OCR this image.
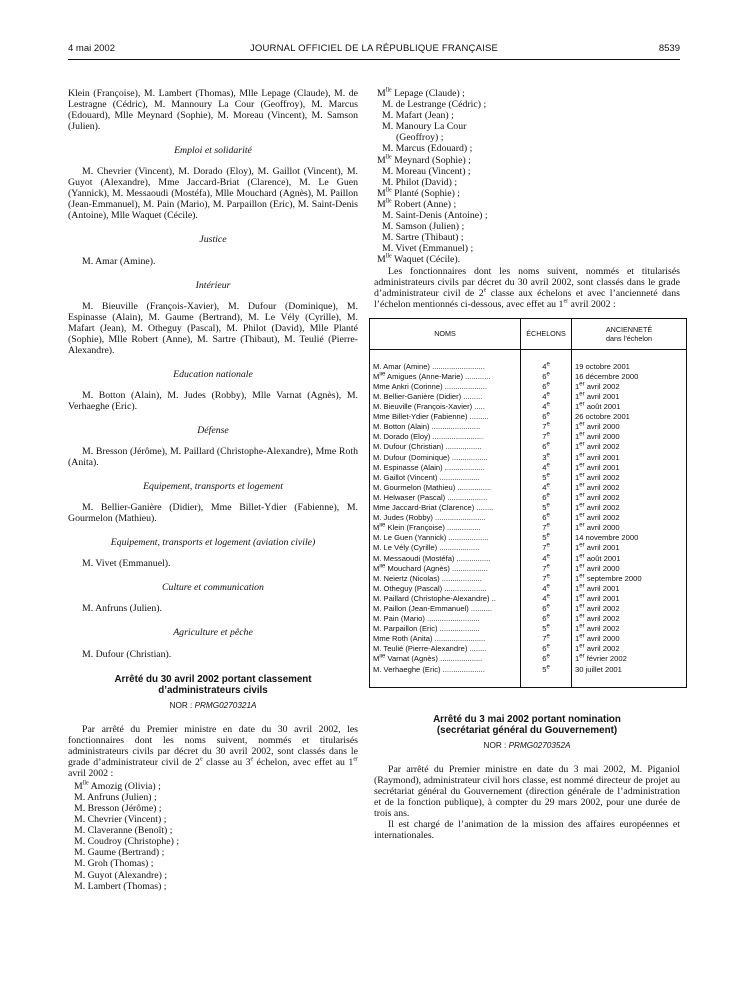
4 mai 2002	JOURNAL OFFICIEL DE LA RÉPUBLIQUE FRANÇAISE	8539

Klein (Françoise), M. Lambert (Thomas), Mlle Lepage (Claude), M. de Lestragne (Cédric), M. Mannoury La Cour (Geoffroy), M. Marcus (Edouard), Mlle Meynard (Sophie), M. Moreau (Vincent), M. Samson (Julien).

Emploi et solidarité

M. Chevrier (Vincent), M. Dorado (Eloy), M. Gaillot (Vincent), M. Guyot (Alexandre), Mme Jaccard-Briat (Clarence), M. Le Guen (Yannick), M. Messaoudi (Mostéfa), Mlle Mouchard (Agnès), M. Paillon (Jean-Emmanuel), M. Pain (Mario), M. Parpaillon (Eric), M. Saint-Denis (Antoine), Mlle Waquet (Cécile).

Justice

M. Amar (Amine).

Intérieur

M. Bieuville (François-Xavier), M. Dufour (Dominique), M. Espinasse (Alain), M. Gaume (Bertrand), M. Le Vély (Cyrille), M. Mafart (Jean), M. Otheguy (Pascal), M. Philot (David), Mlle Planté (Sophie), Mlle Robert (Anne), M. Sartre (Thibaut), M. Teulié (Pierre-Alexandre).

Education nationale

M. Botton (Alain), M. Judes (Robby), Mlle Varnat (Agnès), M. Verhaeghe (Eric).

Défense

M. Bresson (Jérôme), M. Paillard (Christophe-Alexandre), Mme Roth (Anita).

Equipement, transports et logement

M. Bellier-Ganière (Didier), Mme Billet-Ydier (Fabienne), M. Gourmelon (Mathieu).

Equipement, transports et logement (aviation civile)

M. Vivet (Emmanuel).

Culture et communication

M. Anfruns (Julien).

Agriculture et pêche

M. Dufour (Christian).

Arrêté du 30 avril 2002 portant classement
d’administrateurs civils
NOR : PRMG0270321A

Par arrêté du Premier ministre en date du 30 avril 2002, les fonctionnaires dont les noms suivent, nommés et titularisés administrateurs civils par décret du 30 avril 2002, sont classés dans le grade d’administrateur civil de 2e classe au 3e échelon, avec effet au 1er avril 2002 :

$M^{lle}$ Amozig (Olivia) ;
M. Anfruns (Julien) ;
M. Bresson (Jérôme) ;
M. Chevrier (Vincent) ;
M. Claveranne (Benoît) ;
M. Coudroy (Christophe) ;
M. Gaume (Bertrand) ;
M. Groh (Thomas) ;
M. Guyot (Alexandre) ;
M. Lambert (Thomas) ;
$M^{lle}$ Lepage (Claude) ;
M. de Lestrange (Cédric) ;
M. Mafart (Jean) ;
M. Manoury La Cour
(Geoffroy) ;
M. Marcus (Edouard) ;
$M^{lle}$ Meynard (Sophie) ;
M. Moreau (Vincent) ;
M. Philot (David) ;
$M^{lle}$ Planté (Sophie) ;
$M^{lle}$ Robert (Anne) ;
M. Saint-Denis (Antoine) ;
M. Samson (Julien) ;
M. Sartre (Thibaut) ;
M. Vivet (Emmanuel) ;
$M^{lle}$ Waquet (Cécile).

Les fonctionnaires dont les noms suivent, nommés et titularisés administrateurs civils par décret du 30 avril 2002, sont classés dans le grade d’administrateur civil de 2e classe aux échelons et avec l’ancienneté dans l’échelon mentionnés ci-dessous, avec effet au 1er avril 2002 :

NOMS	ÉCHELONS	ANCIENNETÉ
dans l’échelon

M. Amar (Amine) .........................	4e	19 octobre 2001
$M^{lle}$ Amigues (Anne-Marie) ............	6e	16 décembre 2000
Mme Ankri (Corinne) ....................	6e	1er avril 2002
M. Bellier-Ganière (Didier) .........	4e	1er avril 2001
M. Bieuville (François-Xavier) .....	4e	1er août 2001
Mme Billet-Ydier (Fabienne) .........	6e	26 octobre 2001
M. Botton (Alain) .......................	7e	1er avril 2000
M. Dorado (Eloy) ........................	7e	1er avril 2000
M. Dufour (Christian) .................	6e	1er avril 2002
M. Dufour (Dominique) .................	3e	1er avril 2001
M. Espinasse (Alain) ...................	4e	1er avril 2001
M. Gaillot (Vincent) ...................	5e	1er avril 2002
M. Gourmelon (Mathieu) ................	4e	1er avril 2002
M. Helwaser (Pascal) ...................	6e	1er avril 2002
Mme Jaccard-Briat (Clarence) ........	5e	1er avril 2002
M. Judes (Robby) ........................	6e	1er avril 2002
$M^{lle}$ Klein (Françoise) ................	7e	1er avril 2000
M. Le Guen (Yannick) ...................	5e	14 novembre 2000
M. Le Vély (Cyrille) ...................	7e	1er avril 2001
M. Messaoudi (Mostéfa) ................	4e	1er août 2001
$M^{lle}$ Mouchard (Agnès) .................	7e	1er avril 2000
M. Neiertz (Nicolas) ...................	7e	1er septembre 2000
M. Otheguy (Pascal) ....................	4e	1er avril 2001
M. Paillard (Christophe-Alexandre) ..	4e	1er avril 2001
M. Paillon (Jean-Emmanuel) ..........	6e	1er avril 2002
M. Pain (Mario) .........................	6e	1er avril 2002
M. Parpaillon (Eric) ...................	5e	1er avril 2002
Mme Roth (Anita) ........................	7e	1er avril 2000
M. Teulié (Pierre-Alexandre) ........	6e	1er avril 2002
$M^{lle}$ Varnat (Agnès) ....................	6e	1er février 2002
M. Verhaeghe (Eric) ....................	5e	30 juillet 2001

Arrêté du 3 mai 2002 portant nomination
(secrétariat général du Gouvernement)
NOR : PRMG0270352A

Par arrêté du Premier ministre en date du 3 mai 2002, M. Piganiol (Raymond), administrateur civil hors classe, est nommé directeur de projet au secrétariat général du Gouvernement (direction générale de l’administration et de la fonction publique), à compter du 29 mars 2002, pour une durée de trois ans.

Il est chargé de l’animation de la mission des affaires européennes et internationales.
